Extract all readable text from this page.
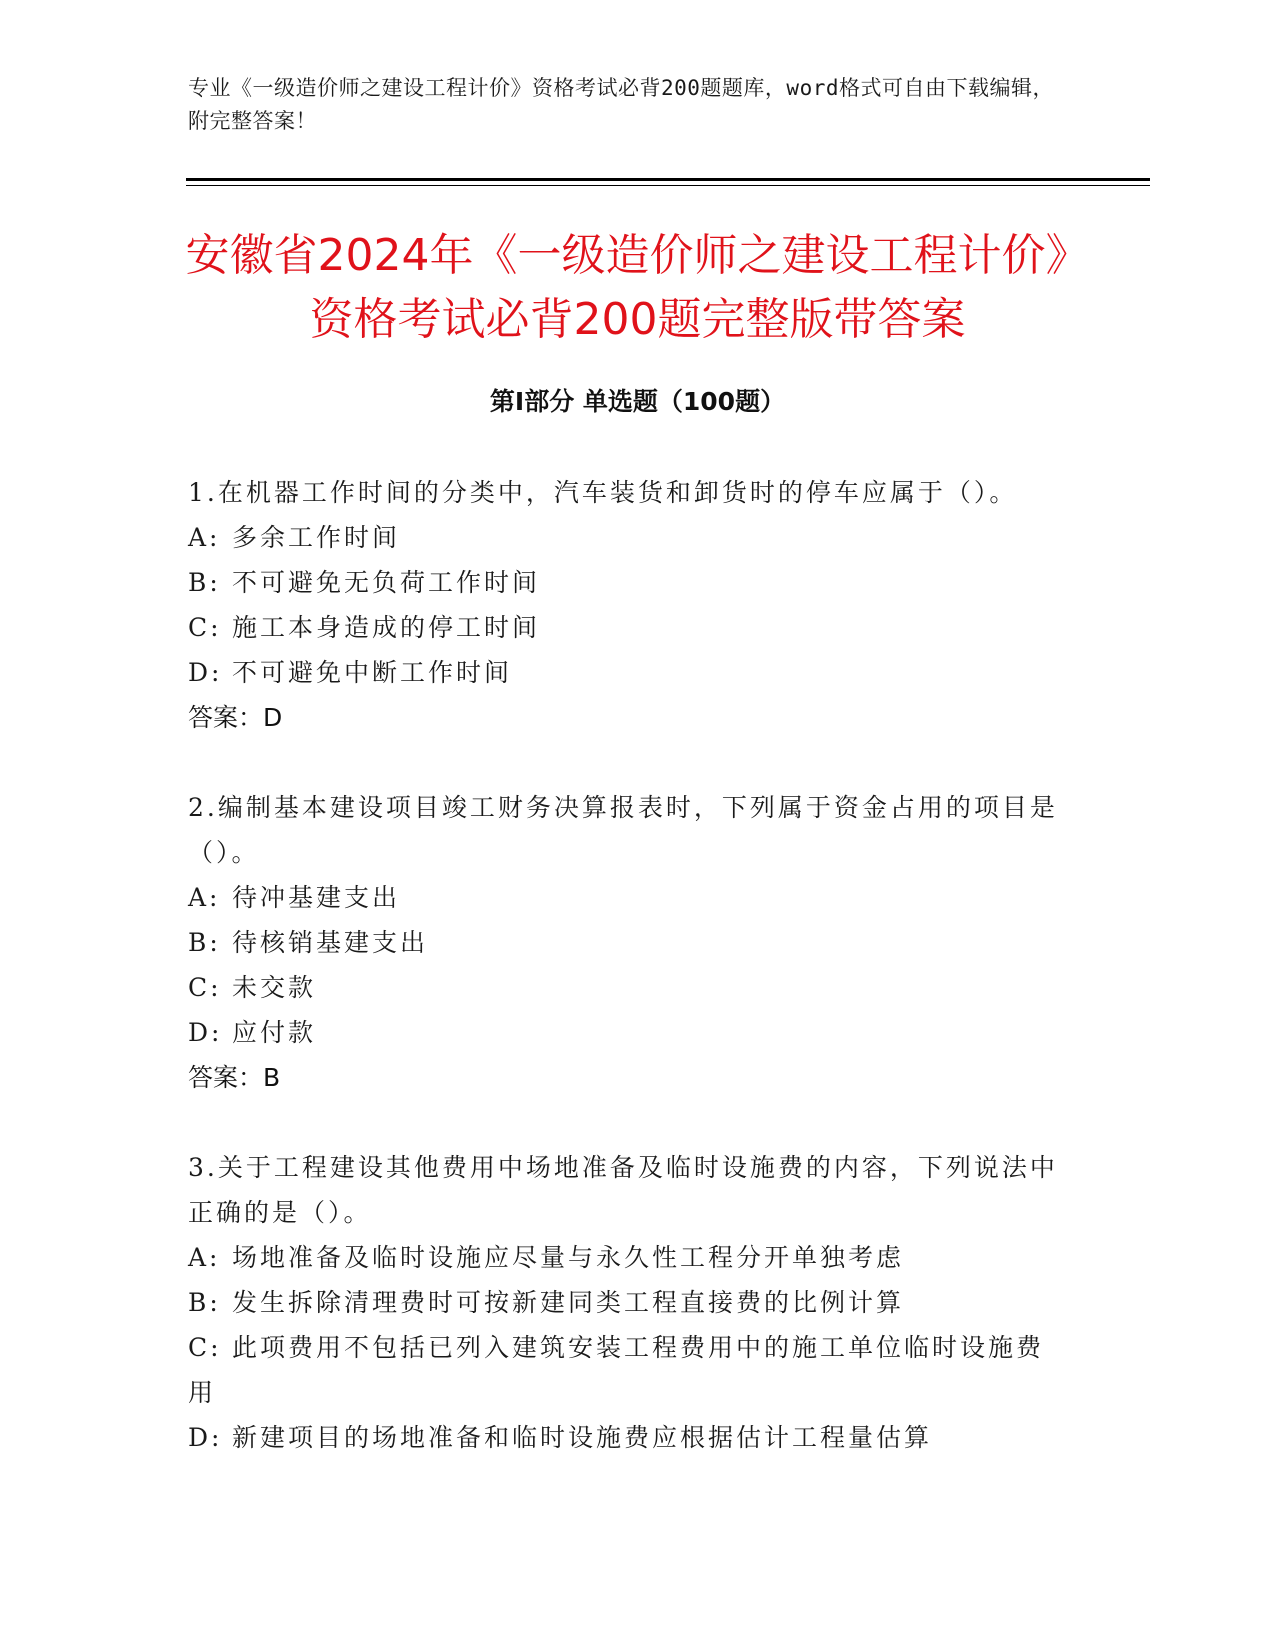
专业《一级造价师之建设工程计价》资格考试必背200题题库，word格式可自由下载编辑，附完整答案！
安徽省2024年《一级造价师之建设工程计价》资格考试必背200题完整版带答案
第I部分 单选题（100题）
1.在机器工作时间的分类中，汽车装货和卸货时的停车应属于（）。
A: 多余工作时间
B: 不可避免无负荷工作时间
C: 施工本身造成的停工时间
D: 不可避免中断工作时间
答案：D
2.编制基本建设项目竣工财务决算报表时，下列属于资金占用的项目是（）。
A: 待冲基建支出
B: 待核销基建支出
C: 未交款
D: 应付款
答案：B
3.关于工程建设其他费用中场地准备及临时设施费的内容，下列说法中正确的是（）。
A: 场地准备及临时设施应尽量与永久性工程分开单独考虑
B: 发生拆除清理费时可按新建同类工程直接费的比例计算
C: 此项费用不包括已列入建筑安装工程费用中的施工单位临时设施费用
D: 新建项目的场地准备和临时设施费应根据估计工程量估算
